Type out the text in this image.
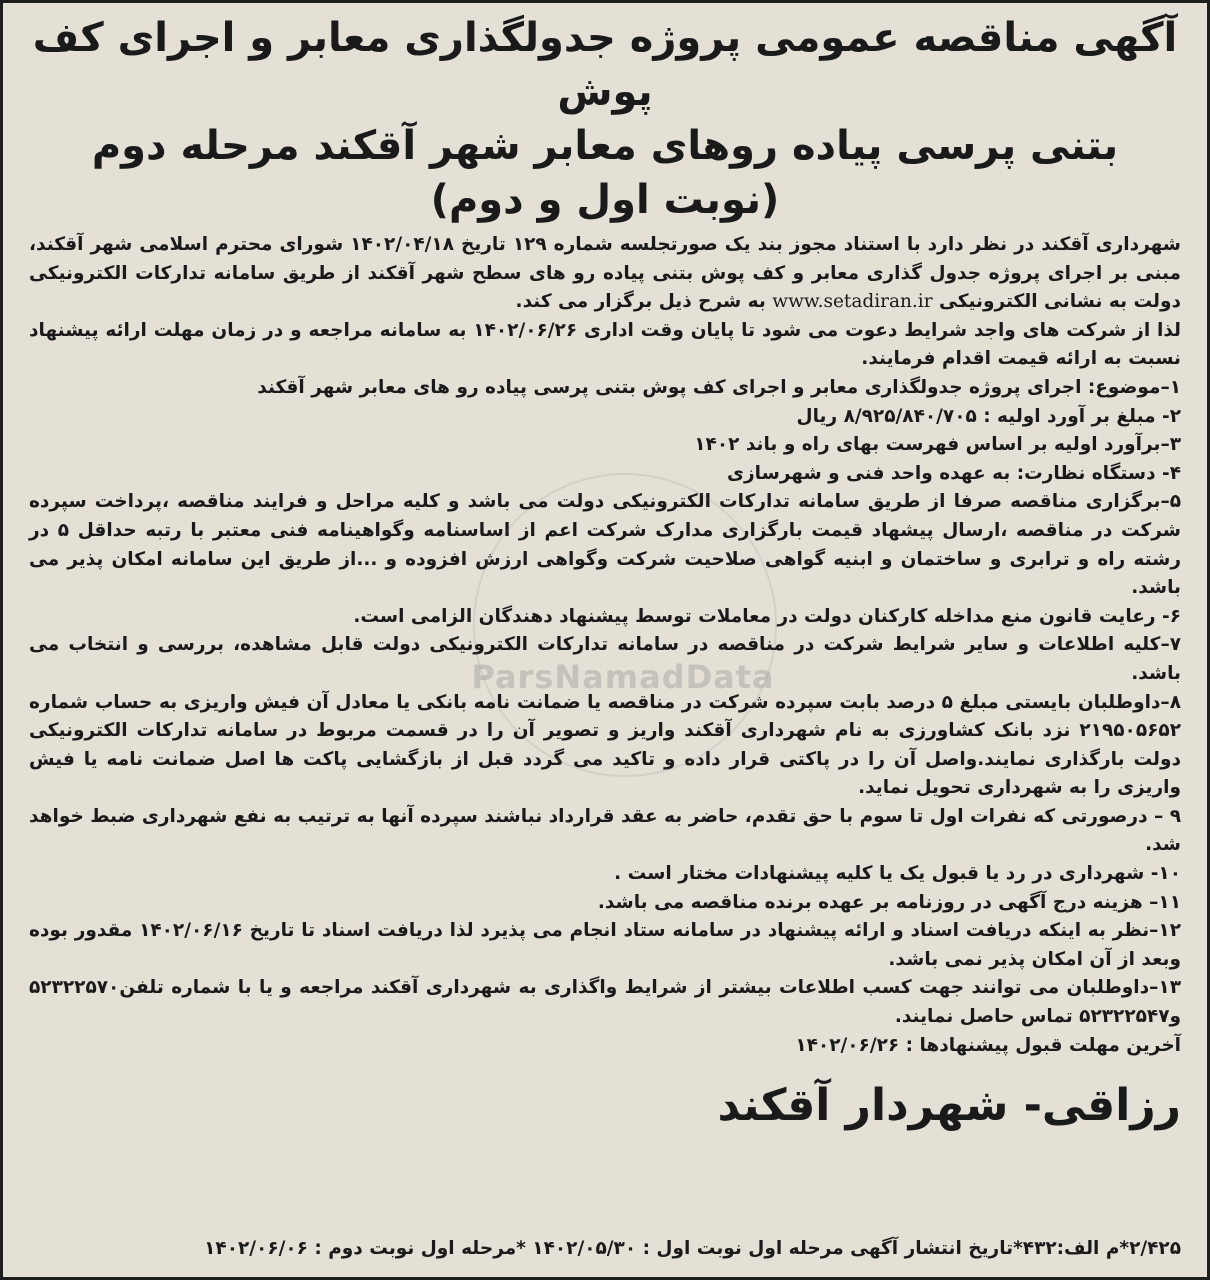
آگهی مناقصه عمومی پروژه جدولگذاری معابر و اجرای کف پوش
بتنی پرسی پیاده روهای معابر شهر آقکند مرحله دوم (نوبت اول و دوم)

شهرداری آقکند در نظر دارد با استناد مجوز بند یک صورتجلسه شماره ۱۲۹ تاریخ ۱۴۰۲/۰۴/۱۸ شورای محترم اسلامی شهر آقکند، مبنی بر اجرای پروژه جدول گذاری معابر و کف پوش بتنی پیاده رو های سطح شهر آقکند از طریق سامانه تدارکات الکترونیکی دولت به نشانی الکترونیکی www.setadiran.ir به شرح ذیل برگزار می کند.

لذا از شرکت های واجد شرایط دعوت می شود تا پایان وقت اداری ۱۴۰۲/۰۶/۲۶ به سامانه مراجعه و در زمان مهلت ارائه پیشنهاد نسبت به ارائه قیمت اقدام فرمایند.

۱–موضوع: اجرای پروژه جدولگذاری معابر و اجرای کف پوش بتنی پرسی پیاده رو های معابر شهر آقکند

۲- مبلغ بر آورد اولیه : ۸/۹۲۵/۸۴۰/۷۰۵ ریال

۳–برآورد اولیه بر اساس فهرست بهای راه و باند ۱۴۰۲

۴- دستگاه نظارت: به عهده واحد فنی و شهرسازی

۵–برگزاری مناقصه صرفا از طریق سامانه تدارکات الکترونیکی دولت می باشد و کلیه مراحل و فرایند مناقصه ،پرداخت سپرده شرکت در مناقصه ،ارسال پیشهاد قیمت بارگزاری مدارک شرکت اعم از اساسنامه وگواهینامه فنی معتبر با رتبه حداقل ۵ در رشته راه و ترابری و ساختمان و ابنیه گواهی صلاحیت شرکت وگواهی ارزش افزوده و ...از طریق این سامانه امکان پذیر می باشد.

۶- رعایت قانون منع مداخله کارکنان دولت در معاملات توسط پیشنهاد دهندگان الزامی است.

۷–کلیه اطلاعات و سایر شرایط شرکت در مناقصه در سامانه تدارکات الکترونیکی دولت قابل مشاهده، بررسی و انتخاب می باشد.

۸–داوطلبان بایستی مبلغ ۵ درصد بابت سپرده شرکت در مناقصه یا ضمانت نامه بانکی یا معادل آن فیش واریزی به حساب شماره ۲۱۹۵۰۵۶۵۲ نزد بانک کشاورزی به نام شهرداری آقکند واریز و تصویر آن را در قسمت مربوط در سامانه تدارکات الکترونیکی دولت بارگذاری نمایند.واصل آن را در پاکتی قرار داده و تاکید می گردد قبل از بازگشایی پاکت ها اصل ضمانت نامه یا فیش واریزی را به شهرداری تحویل نماید.

۹ – درصورتی که نفرات اول تا سوم با حق تقدم، حاضر به عقد قرارداد نباشند سپرده آنها به ترتیب به نفع شهرداری ضبط خواهد شد.

۱۰- شهرداری در رد یا قبول یک یا کلیه پیشنهادات مختار است .

۱۱– هزینه درج آگهی در روزنامه بر عهده برنده مناقصه می باشد.

۱۲–نظر به اینکه دریافت اسناد و ارائه پیشنهاد در سامانه ستاد انجام می پذیرد لذا دریافت اسناد تا تاریخ ۱۴۰۲/۰۶/۱۶ مقدور بوده وبعد از آن امکان پذیر نمی باشد.

۱۳–داوطلبان می توانند جهت کسب اطلاعات بیشتر از شرایط واگذاری به شهرداری آقکند مراجعه و یا با شماره تلفن۵۲۳۲۲۵۷۰ و۵۲۳۲۲۵۴۷ تماس حاصل نمایند.

آخرین مهلت قبول پیشنهادها : ۱۴۰۲/۰۶/۲۶

رزاقی- شهردار آقکند
ParsNamadData
۲/۴۲۵*م الف:۴۳۲*تاریخ انتشار آگهی مرحله اول نوبت اول : ۱۴۰۲/۰۵/۳۰ *مرحله اول نوبت دوم : ۱۴۰۲/۰۶/۰۶
